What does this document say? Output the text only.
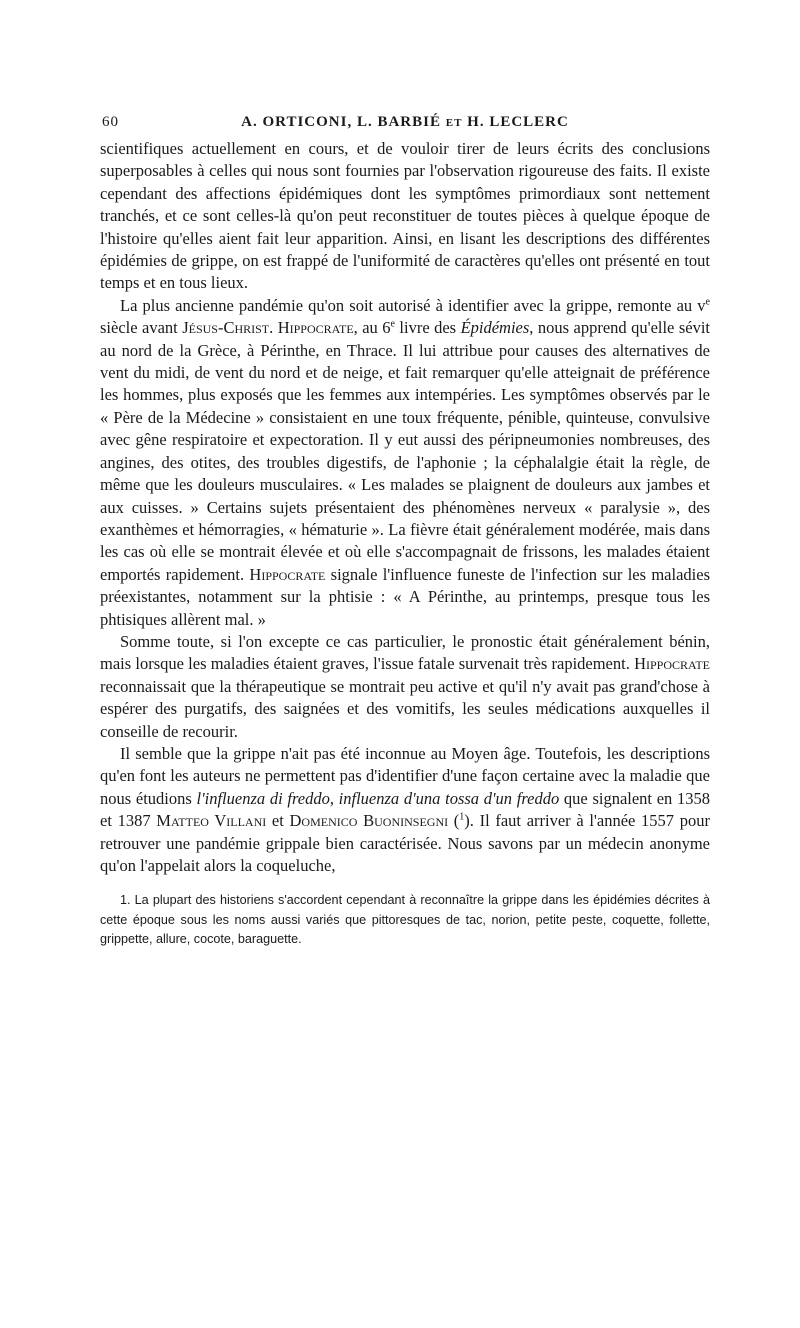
60	A. ORTICONI, L. BARBIÉ et H. LECLERC

scientifiques actuellement en cours, et de vouloir tirer de leurs écrits des conclusions superposables à celles qui nous sont fournies par l'observation rigoureuse des faits. Il existe cependant des affections épidémiques dont les symptômes primordiaux sont nettement tranchés, et ce sont celles-là qu'on peut reconstituer de toutes pièces à quelque époque de l'histoire qu'elles aient fait leur apparition. Ainsi, en lisant les descriptions des différentes épidémies de grippe, on est frappé de l'uniformité de caractères qu'elles ont présenté en tout temps et en tous lieux.

La plus ancienne pandémie qu'on soit autorisé à identifier avec la grippe, remonte au $v^e$ siècle avant Jésus-Christ. Hippocrate, au 6e livre des Épidémies, nous apprend qu'elle sévit au nord de la Grèce, à Périnthe, en Thrace. Il lui attribue pour causes des alternatives de vent du midi, de vent du nord et de neige, et fait remarquer qu'elle atteignait de préférence les hommes, plus exposés que les femmes aux intempéries. Les symptômes observés par le « Père de la Médecine » consistaient en une toux fréquente, pénible, quinteuse, convulsive avec gêne respiratoire et expectoration. Il y eut aussi des péripneumonies nombreuses, des angines, des otites, des troubles digestifs, de l'aphonie ; la céphalalgie était la règle, de même que les douleurs musculaires. « Les malades se plaignent de douleurs aux jambes et aux cuisses. » Certains sujets présentaient des phénomènes nerveux « paralysie », des exanthèmes et hémorragies, « hématurie ». La fièvre était généralement modérée, mais dans les cas où elle se montrait élevée et où elle s'accompagnait de frissons, les malades étaient emportés rapidement. Hippocrate signale l'influence funeste de l'infection sur les maladies préexistantes, notamment sur la phtisie : « A Périnthe, au printemps, presque tous les phtisiques allèrent mal. »

Somme toute, si l'on excepte ce cas particulier, le pronostic était généralement bénin, mais lorsque les maladies étaient graves, l'issue fatale survenait très rapidement. Hippocrate reconnaissait que la thérapeutique se montrait peu active et qu'il n'y avait pas grand'chose à espérer des purgatifs, des saignées et des vomitifs, les seules médications auxquelles il conseille de recourir.

Il semble que la grippe n'ait pas été inconnue au Moyen âge. Toutefois, les descriptions qu'en font les auteurs ne permettent pas d'identifier d'une façon certaine avec la maladie que nous étudions l'influenza di freddo, influenza d'una tossa d'un freddo que signalent en 1358 et 1387 Matteo Villani et Domenico Buoninsegni ($^1$). Il faut arriver à l'année 1557 pour retrouver une pandémie grippale bien caractérisée. Nous savons par un médecin anonyme qu'on l'appelait alors la coqueluche,

1. La plupart des historiens s'accordent cependant à reconnaître la grippe dans les épidémies décrites à cette époque sous les noms aussi variés que pittoresques de tac, norion, petite peste, coquette, follette, grippette, allure, cocote, baraguette.
